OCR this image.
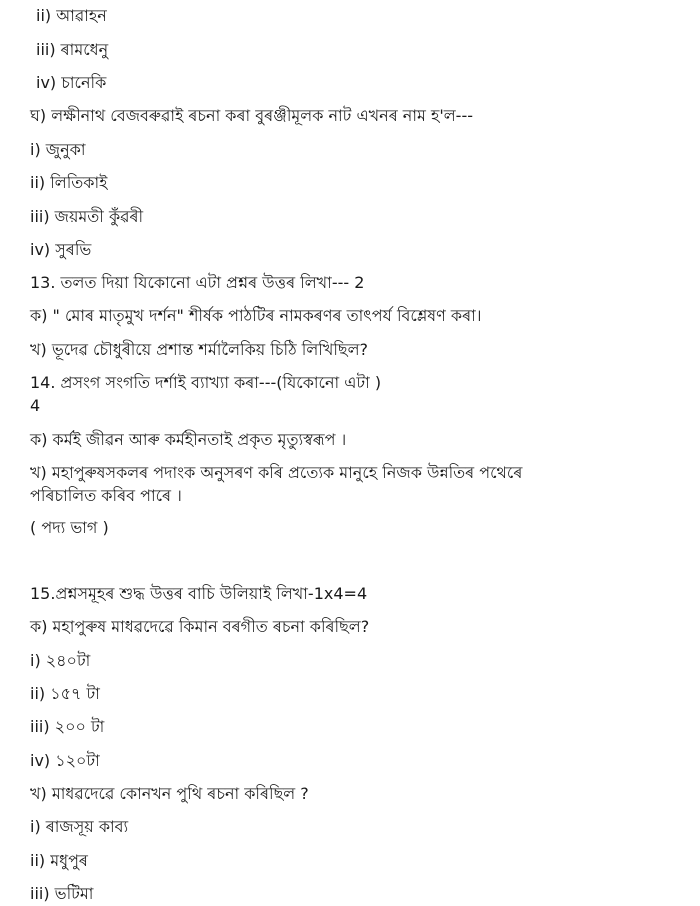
ii) আৱাহন
iii) ৰামধেনু
iv) চানেকি
ঘ) লক্ষীনাথ বেজবৰুৱাই ৰচনা কৰা বুৰঞ্জীমূলক নাট এখনৰ নাম হ'ল---
i) জুনুকা
ii) লিতিকাই
iii) জয়মতী কুঁৱৰী
iv) সুৰভি
13. তলত দিয়া যিকোনো এটা প্ৰশ্নৰ উত্তৰ লিখা--- 2
ক) " মোৰ মাতৃমুখ দৰ্শন" শীৰ্ষক পাঠটিৰ নামকৰণৰ তাৎপৰ্য বিশ্লেষণ কৰা।
খ) ভূদেৱ চৌধুৰীয়ে প্ৰশান্ত শৰ্মালৈকিয় চিঠি লিখিছিল?
14. প্ৰসংগ সংগতি দৰ্শাই ব্যাখ্যা কৰা---(যিকোনো এটা )
4
ক) কৰ্মই জীৱন আৰু কৰ্মহীনতাই প্ৰকৃত মৃত্যুস্বৰূপ ।
খ) মহাপুৰুষসকলৰ পদাংক অনুসৰণ কৰি প্ৰত্যেক মানুহে নিজক উন্নতিৰ পথেৰে
পৰিচালিত কৰিব পাৰে ।
( পদ্য ভাগ )
15.প্ৰশ্নসমূহৰ শুদ্ধ উত্তৰ বাচি উলিয়াই লিখা-1x4=4
ক) মহাপুৰুষ মাধৱদেৱে কিমান বৰগীত ৰচনা কৰিছিল?
i) ২৪০টা
ii) ১৫৭ টা
iii) ২০০ টা
iv) ১২০টা
খ) মাধৱদেৱে কোনখন পুথি ৰচনা কৰিছিল ?
i) ৰাজসূয় কাব্য
ii) মধুপুৰ
iii) ভটিমা
